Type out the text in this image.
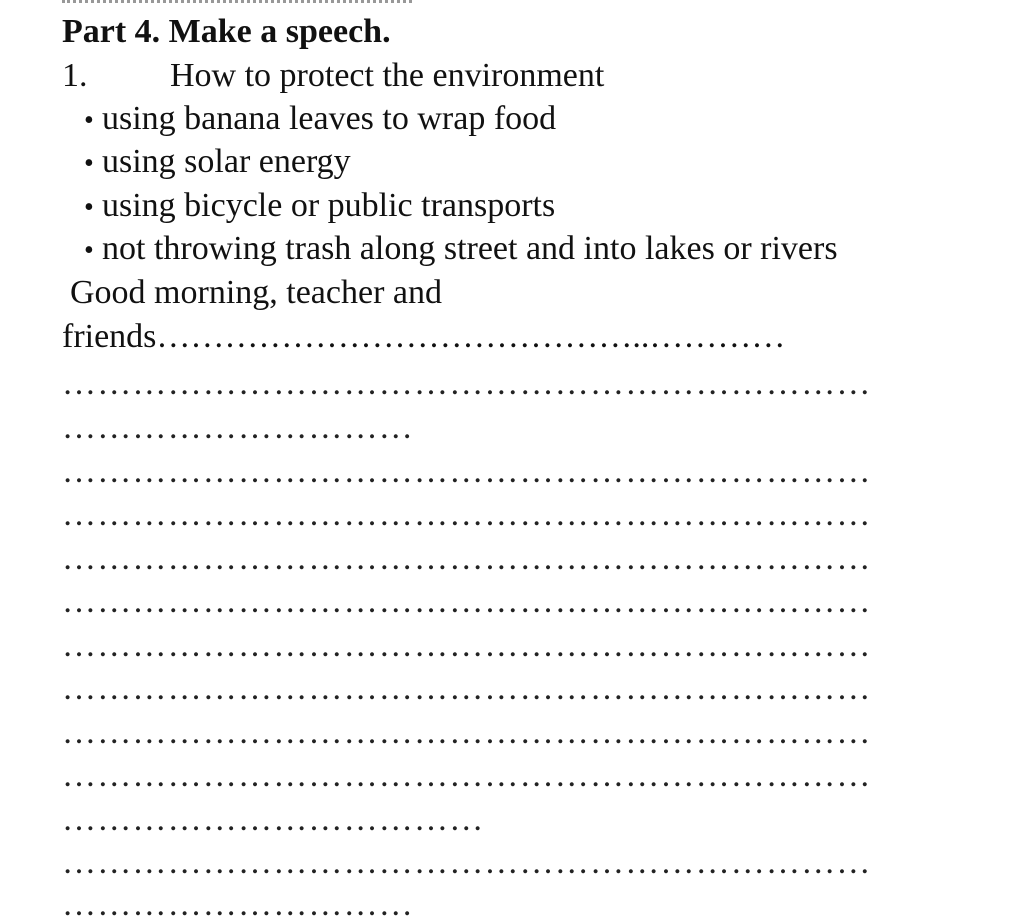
Part 4. Make a speech.
1. How to protect the environment
• using banana leaves to wrap food
• using solar energy
• using bicycle or public transports
• not throwing trash along street and into lakes or rivers
Good morning, teacher and
friends……………………………………..…………
……………………………………………………………
…………………………
……………………………………………………………
……………………………………………………………
……………………………………………………………
……………………………………………………………
……………………………………………………………
……………………………………………………………
……………………………………………………………
……………………………………………………………
………………………………
……………………………………………………………
…………………………
